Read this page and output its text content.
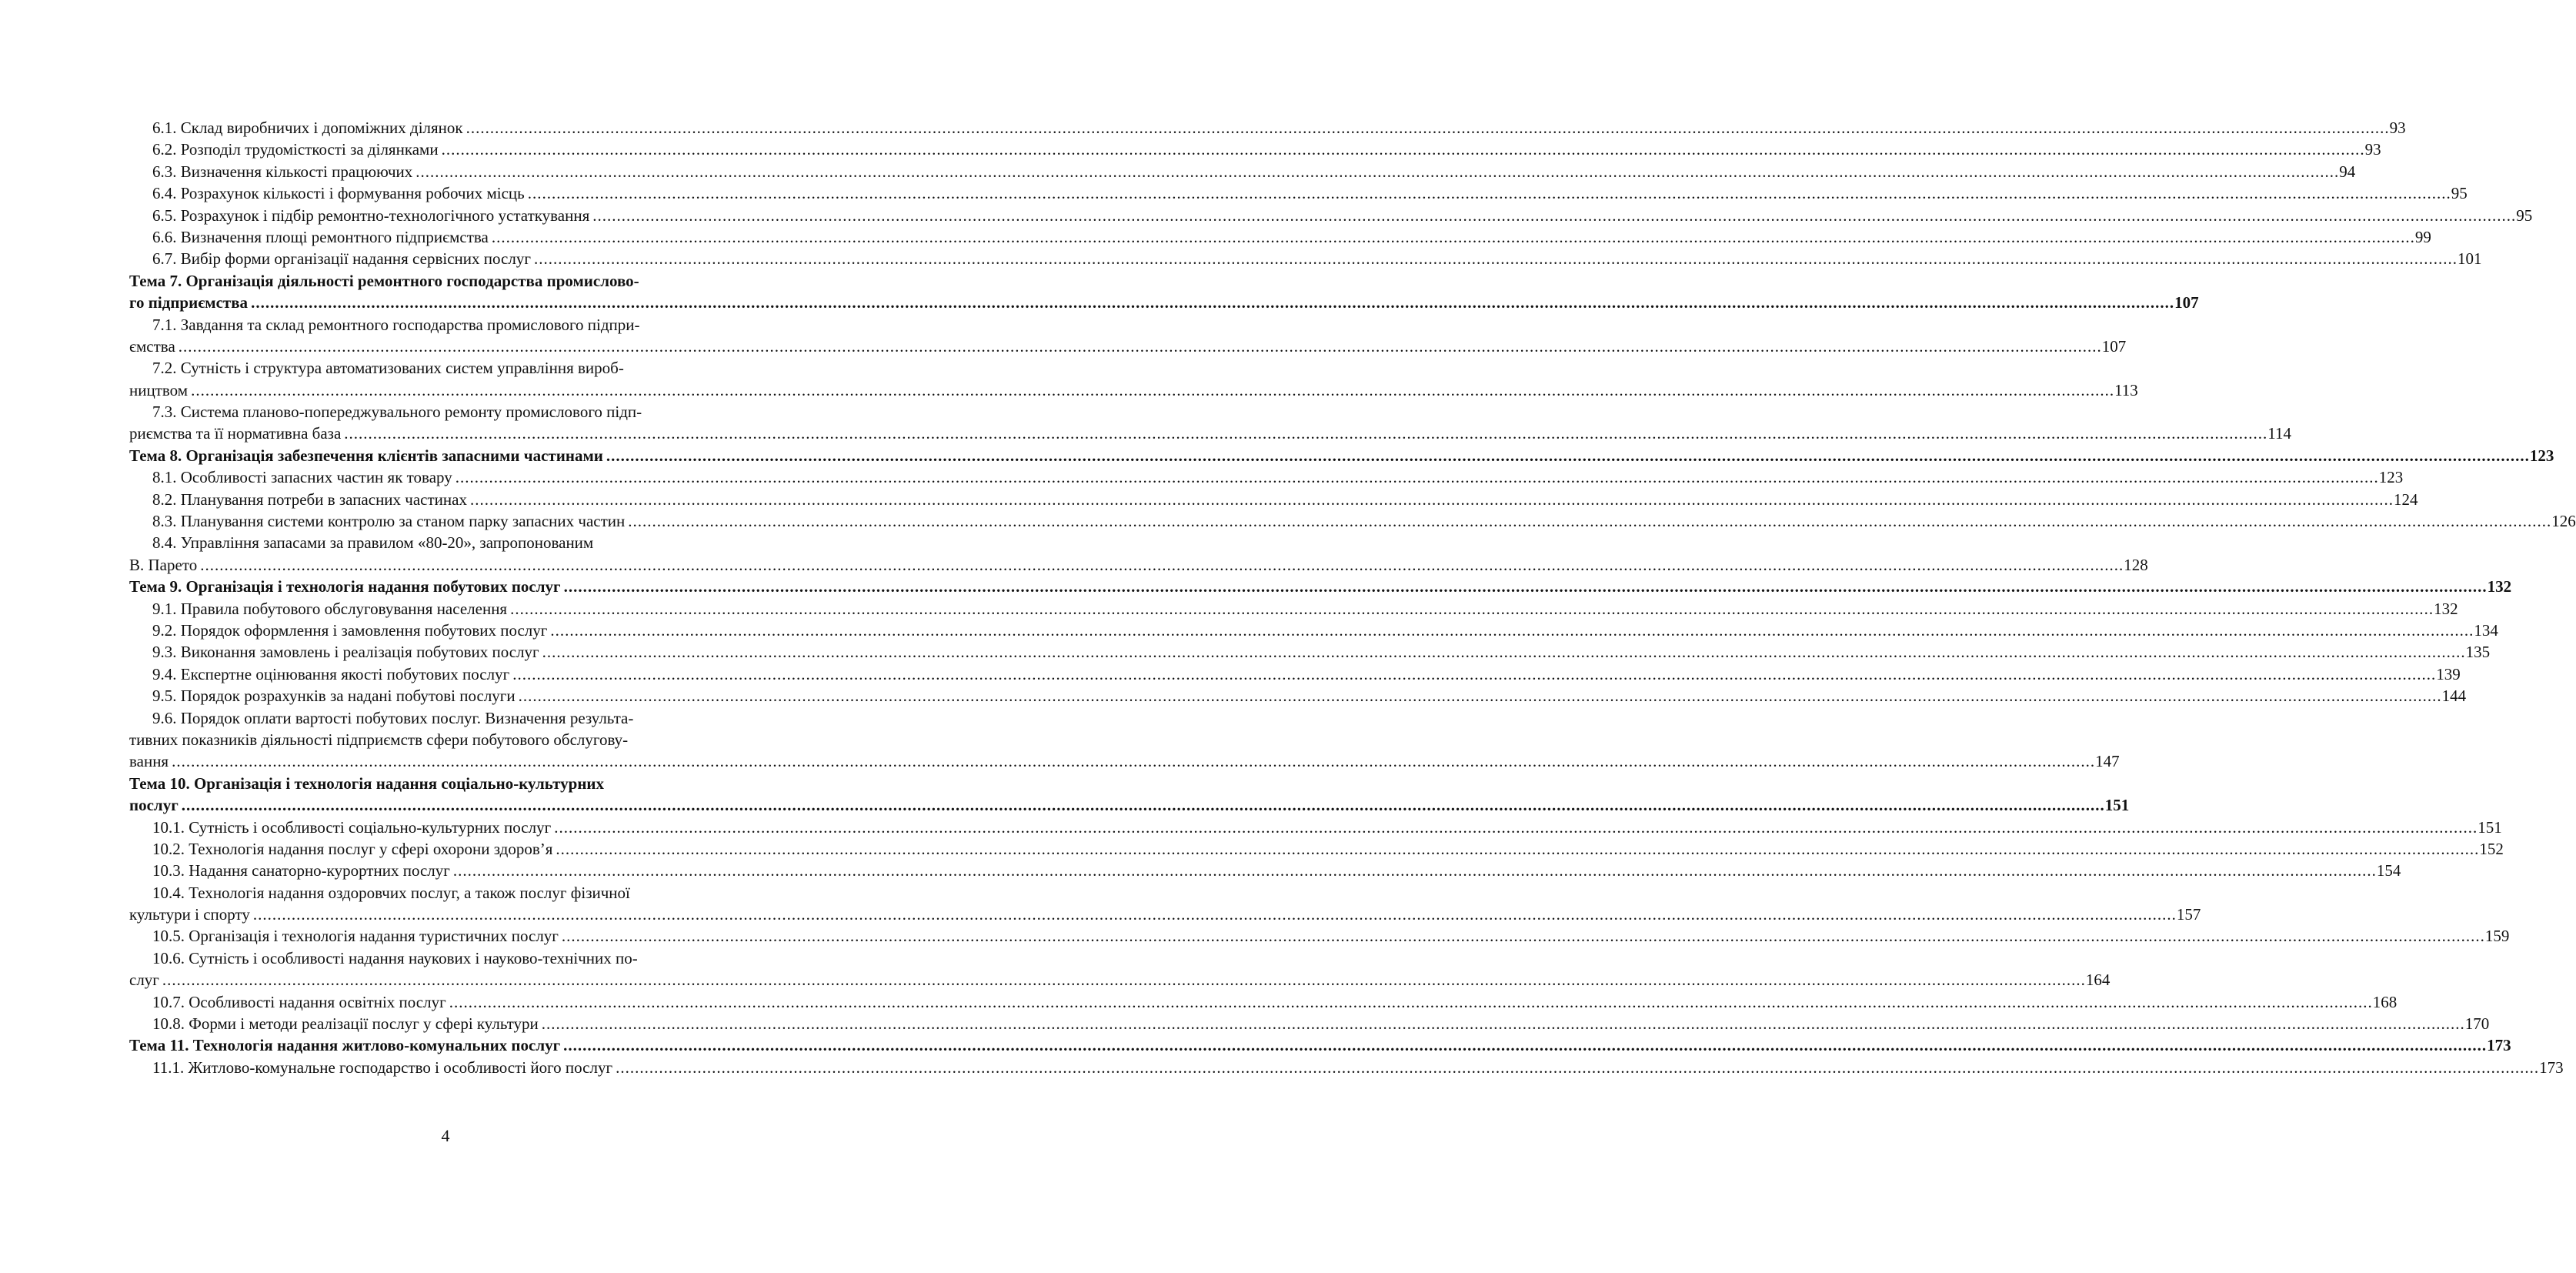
6.1. Склад виробничих і допоміжних ділянок ................................................................................................................................................................................................................................................................................................................................................................................................................ 93
6.2. Розподіл трудомісткості за ділянками ................................................................................................................................................................................................................................................................................................................................................................................................................ 93
6.3. Визначення кількості працюючих ................................................................................................................................................................................................................................................................................................................................................................................................................ 94
6.4. Розрахунок кількості і формування робочих місць ................................................................................................................................................................................................................................................................................................................................................................................................................ 95
6.5. Розрахунок і підбір ремонтно-технологічного устаткування ................................................................................................................................................................................................................................................................................................................................................................................................................ 95
6.6. Визначення площі ремонтного підприємства ................................................................................................................................................................................................................................................................................................................................................................................................................ 99
6.7. Вибір форми організації надання сервісних послуг ................................................................................................................................................................................................................................................................................................................................................................................................................ 101
Тема 7. Організація діяльності ремонтного господарства промислово-
го підприємства ................................................................................................................................................................................................................................................................................................................................................................................................................ 107
7.1. Завдання та склад ремонтного господарства промислового підпри-
ємства ................................................................................................................................................................................................................................................................................................................................................................................................................ 107
7.2. Сутність і структура автоматизованих систем управління вироб-
ництвом ................................................................................................................................................................................................................................................................................................................................................................................................................ 113
7.3. Система планово-попереджувального ремонту промислового підп-
риємства та її нормативна база ................................................................................................................................................................................................................................................................................................................................................................................................................ 114
Тема 8. Організація забезпечення клієнтів запасними частинами ................................................................................................................................................................................................................................................................................................................................................................................................................ 123
8.1. Особливості запасних частин як товару ................................................................................................................................................................................................................................................................................................................................................................................................................ 123
8.2. Планування потреби в запасних частинах ................................................................................................................................................................................................................................................................................................................................................................................................................ 124
8.3. Планування системи контролю за станом парку запасних частин ................................................................................................................................................................................................................................................................................................................................................................................................................ 126
8.4. Управління запасами за правилом «80-20», запропонованим
В. Парето ................................................................................................................................................................................................................................................................................................................................................................................................................ 128
Тема 9. Організація і технологія надання побутових послуг ................................................................................................................................................................................................................................................................................................................................................................................................................ 132
9.1. Правила побутового обслуговування населення ................................................................................................................................................................................................................................................................................................................................................................................................................ 132
9.2. Порядок оформлення і замовлення побутових послуг ................................................................................................................................................................................................................................................................................................................................................................................................................ 134
9.3. Виконання замовлень і реалізація побутових послуг ................................................................................................................................................................................................................................................................................................................................................................................................................ 135
9.4. Експертне оцінювання якості побутових послуг ................................................................................................................................................................................................................................................................................................................................................................................................................ 139
9.5. Порядок розрахунків за надані побутові послуги ................................................................................................................................................................................................................................................................................................................................................................................................................ 144
9.6. Порядок оплати вартості побутових послуг. Визначення результа-
тивних показників діяльності підприємств сфери побутового обслугову-
вання ................................................................................................................................................................................................................................................................................................................................................................................................................ 147
Тема 10. Організація і технологія надання соціально-культурних
послуг ................................................................................................................................................................................................................................................................................................................................................................................................................ 151
10.1. Сутність і особливості соціально-культурних послуг ................................................................................................................................................................................................................................................................................................................................................................................................................ 151
10.2. Технологія надання послуг у сфері охорони здоров’я ................................................................................................................................................................................................................................................................................................................................................................................................................ 152
10.3. Надання санаторно-курортних послуг ................................................................................................................................................................................................................................................................................................................................................................................................................ 154
10.4. Технологія надання оздоровчих послуг, а також послуг фізичної
культури і спорту ................................................................................................................................................................................................................................................................................................................................................................................................................ 157
10.5. Організація і технологія надання туристичних послуг ................................................................................................................................................................................................................................................................................................................................................................................................................ 159
10.6. Сутність і особливості надання наукових і науково-технічних по-
слуг ................................................................................................................................................................................................................................................................................................................................................................................................................ 164
10.7. Особливості надання освітніх послуг ................................................................................................................................................................................................................................................................................................................................................................................................................ 168
10.8. Форми і методи реалізації послуг у сфері культури ................................................................................................................................................................................................................................................................................................................................................................................................................ 170
Тема 11. Технологія надання житлово-комунальних послуг ................................................................................................................................................................................................................................................................................................................................................................................................................ 173
11.1. Житлово-комунальне господарство і особливості його послуг ................................................................................................................................................................................................................................................................................................................................................................................................................ 173
4
